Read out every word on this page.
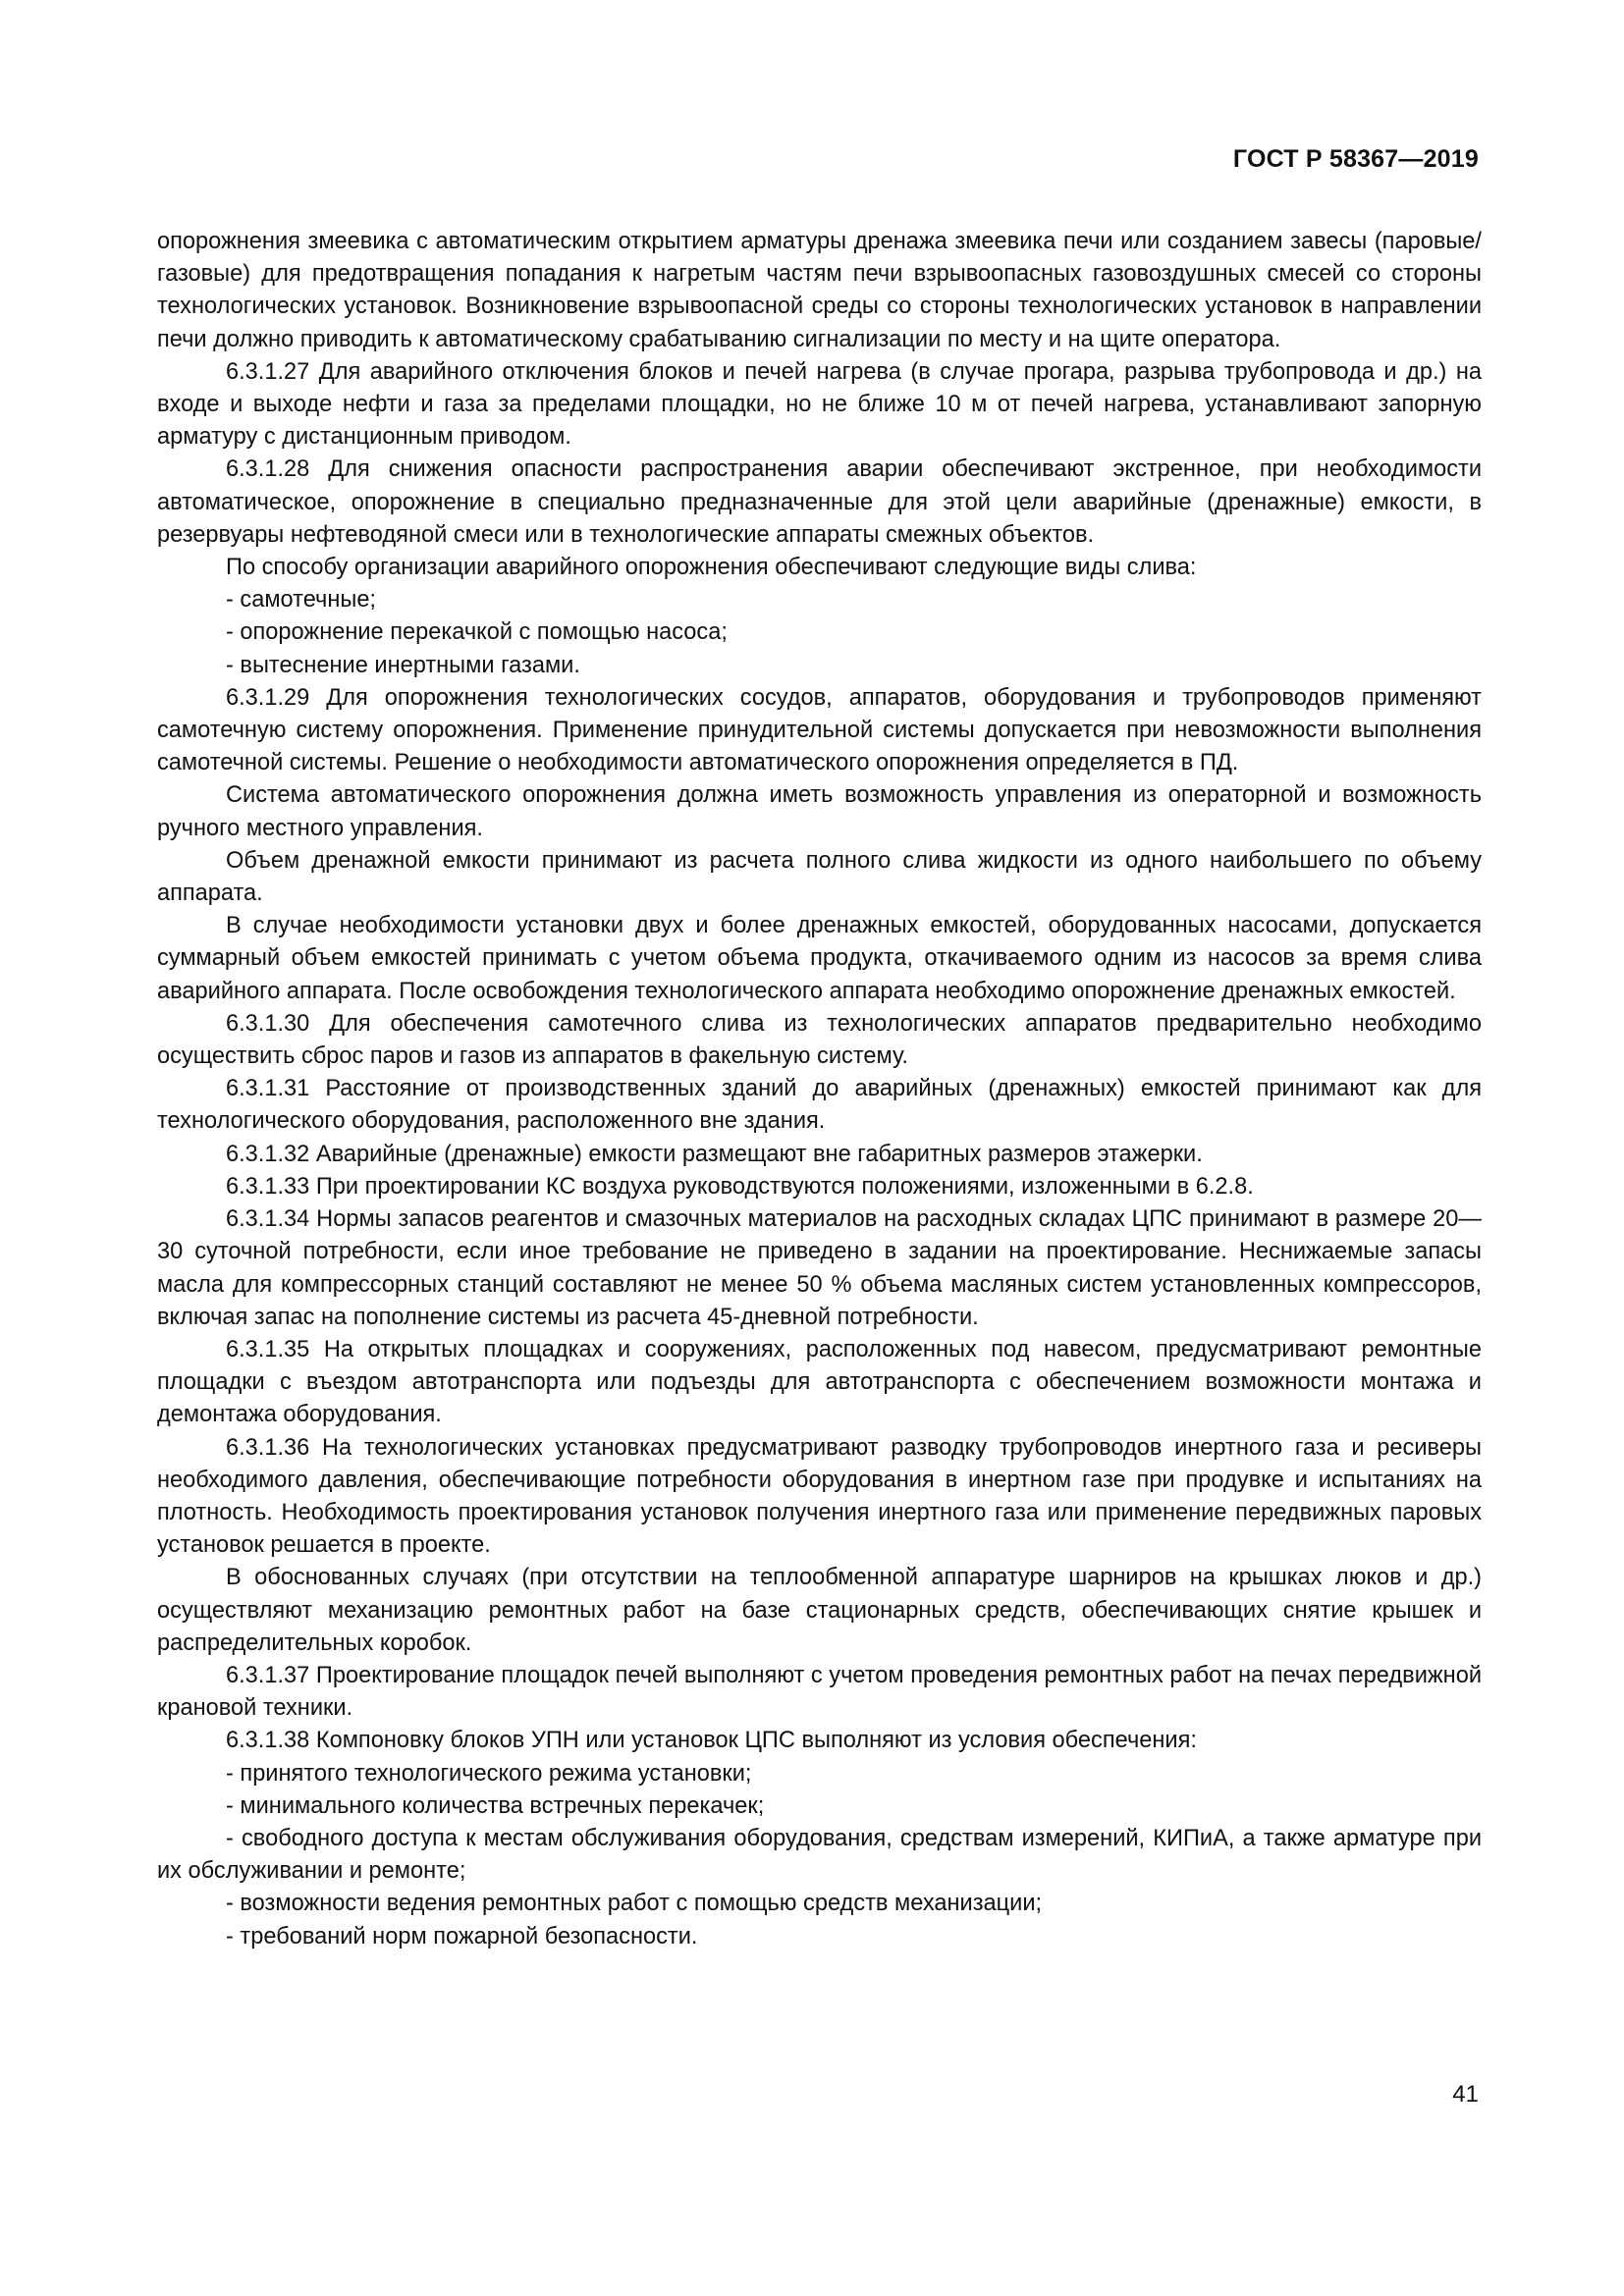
ГОСТ Р 58367—2019

опорожнения змеевика с автоматическим открытием арматуры дренажа змеевика печи или созданием завесы (паровые/газовые) для предотвращения попадания к нагретым частям печи взрывоопасных газовоздушных смесей со стороны технологических установок. Возникновение взрывоопасной среды со стороны технологических установок в направлении печи должно приводить к автоматическому срабатыванию сигнализации по месту и на щите оператора.

6.3.1.27 Для аварийного отключения блоков и печей нагрева (в случае прогара, разрыва трубопровода и др.) на входе и выходе нефти и газа за пределами площадки, но не ближе 10 м от печей нагрева, устанавливают запорную арматуру с дистанционным приводом.

6.3.1.28 Для снижения опасности распространения аварии обеспечивают экстренное, при необходимости автоматическое, опорожнение в специально предназначенные для этой цели аварийные (дренажные) емкости, в резервуары нефтеводяной смеси или в технологические аппараты смежных объектов.

По способу организации аварийного опорожнения обеспечивают следующие виды слива:

- самотечные;

- опорожнение перекачкой с помощью насоса;

- вытеснение инертными газами.

6.3.1.29 Для опорожнения технологических сосудов, аппаратов, оборудования и трубопроводов применяют самотечную систему опорожнения. Применение принудительной системы допускается при невозможности выполнения самотечной системы. Решение о необходимости автоматического опорожнения определяется в ПД.

Система автоматического опорожнения должна иметь возможность управления из операторной и возможность ручного местного управления.

Объем дренажной емкости принимают из расчета полного слива жидкости из одного наибольшего по объему аппарата.

В случае необходимости установки двух и более дренажных емкостей, оборудованных насосами, допускается суммарный объем емкостей принимать с учетом объема продукта, откачиваемого одним из насосов за время слива аварийного аппарата. После освобождения технологического аппарата необходимо опорожнение дренажных емкостей.

6.3.1.30 Для обеспечения самотечного слива из технологических аппаратов предварительно необходимо осуществить сброс паров и газов из аппаратов в факельную систему.

6.3.1.31 Расстояние от производственных зданий до аварийных (дренажных) емкостей принимают как для технологического оборудования, расположенного вне здания.

6.3.1.32 Аварийные (дренажные) емкости размещают вне габаритных размеров этажерки.

6.3.1.33 При проектировании КС воздуха руководствуются положениями, изложенными в 6.2.8.

6.3.1.34 Нормы запасов реагентов и смазочных материалов на расходных складах ЦПС принимают в размере 20—30 суточной потребности, если иное требование не приведено в задании на проектирование. Неснижаемые запасы масла для компрессорных станций составляют не менее 50 % объема масляных систем установленных компрессоров, включая запас на пополнение системы из расчета 45-дневной потребности.

6.3.1.35 На открытых площадках и сооружениях, расположенных под навесом, предусматривают ремонтные площадки с въездом автотранспорта или подъезды для автотранспорта с обеспечением возможности монтажа и демонтажа оборудования.

6.3.1.36 На технологических установках предусматривают разводку трубопроводов инертного газа и ресиверы необходимого давления, обеспечивающие потребности оборудования в инертном газе при продувке и испытаниях на плотность. Необходимость проектирования установок получения инертного газа или применение передвижных паровых установок решается в проекте.

В обоснованных случаях (при отсутствии на теплообменной аппаратуре шарниров на крышках люков и др.) осуществляют механизацию ремонтных работ на базе стационарных средств, обеспечивающих снятие крышек и распределительных коробок.

6.3.1.37 Проектирование площадок печей выполняют с учетом проведения ремонтных работ на печах передвижной крановой техники.

6.3.1.38 Компоновку блоков УПН или установок ЦПС выполняют из условия обеспечения:

- принятого технологического режима установки;

- минимального количества встречных перекачек;

- свободного доступа к местам обслуживания оборудования, средствам измерений, КИПиА, а также арматуре при их обслуживании и ремонте;

- возможности ведения ремонтных работ с помощью средств механизации;

- требований норм пожарной безопасности.

41
